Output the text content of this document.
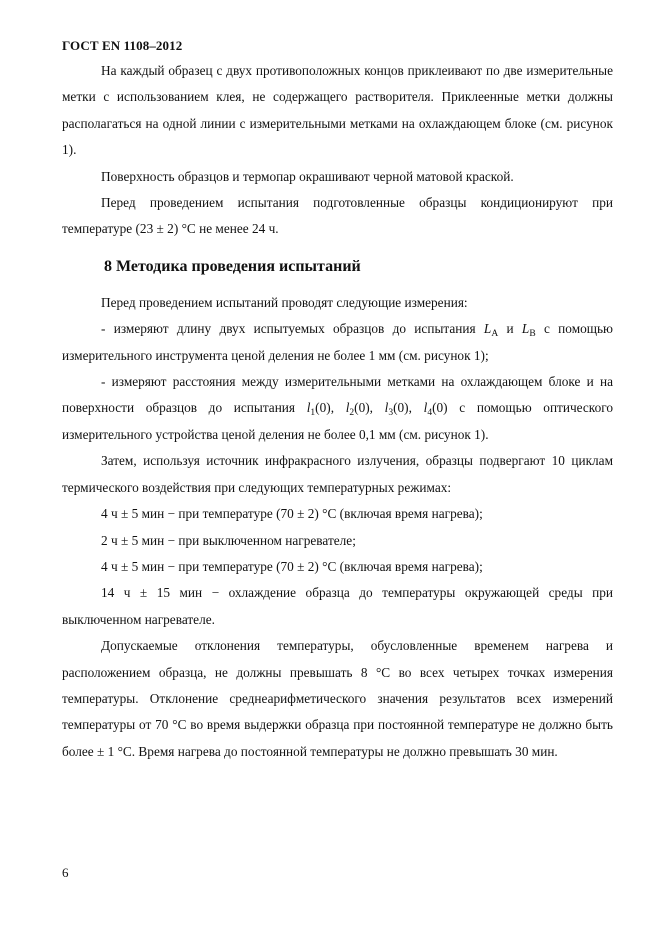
ГОСТ EN 1108–2012

На каждый образец с двух противоположных концов приклеивают по две измерительные метки с использованием клея, не содержащего растворителя. Приклеенные метки должны располагаться на одной линии с измерительными метками на охлаждающем блоке (см. рисунок 1).

Поверхность образцов и термопар окрашивают черной матовой краской.

Перед проведением испытания подготовленные образцы кондиционируют при температуре (23 ± 2) °С не менее 24 ч.

8 Методика проведения испытаний

Перед проведением испытаний проводят следующие измерения:

- измеряют длину двух испытуемых образцов до испытания $L_A$ и $L_B$ с помощью измерительного инструмента ценой деления не более 1 мм (см. рисунок 1);

- измеряют расстояния между измерительными метками на охлаждающем блоке и на поверхности образцов до испытания $l_1(0)$, $l_2(0)$, $l_3(0)$, $l_4(0)$ с помощью оптического измерительного устройства ценой деления не более 0,1 мм (см. рисунок 1).

Затем, используя источник инфракрасного излучения, образцы подвергают 10 циклам термического воздействия при следующих температурных режимах:

4 ч ± 5 мин − при температуре (70 ± 2) °С (включая время нагрева);

2 ч ± 5 мин − при выключенном нагревателе;

4 ч ± 5 мин − при температуре (70 ± 2) °С (включая время нагрева);

14 ч ± 15 мин − охлаждение образца до температуры окружающей среды при выключенном нагревателе.

Допускаемые отклонения температуры, обусловленные временем нагрева и расположением образца, не должны превышать 8 °С во всех четырех точках измерения температуры. Отклонение среднеарифметического значения результатов всех измерений температуры от 70 °С во время выдержки образца при постоянной температуре не должно быть более ± 1 °С. Время нагрева до постоянной температуры не должно превышать 30 мин.

6
